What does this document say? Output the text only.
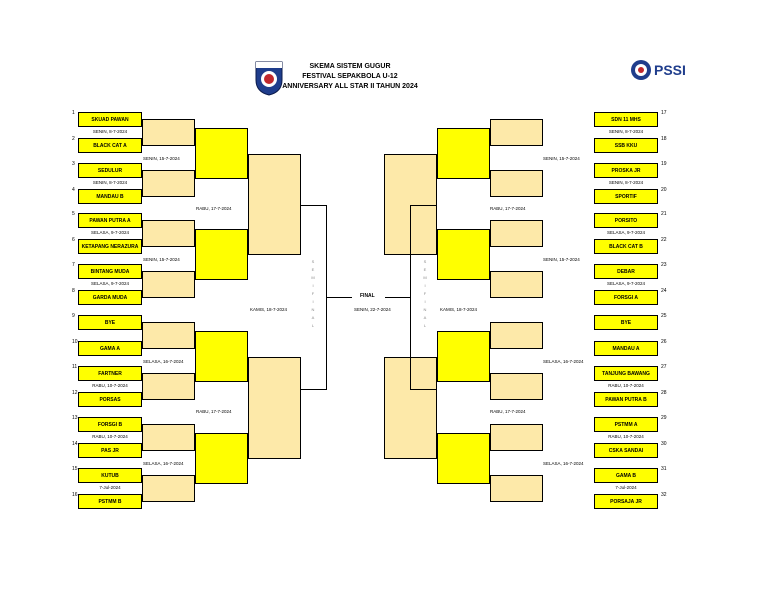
SKEMA SISTEM GUGUR
FESTIVAL SEPAKBOLA U-12
ANNIVERSARY ALL STAR II TAHUN 2024
PSSI
SKUAD PAWAN
1
BLACK CAT A
2
SEDULUR
3
MANDAU B
4
PAWAN PUTRA A
5
KETAPANG NERAZURA
6
BINTANG MUDA
7
GARDA MUDA
8
BYE
9
GAMA A
10
FARTNER
11
PORSAS
12
FORSGI B
13
PAS JR
14
KUTUB
15
PSTMM B
16
SENIN, 8-7-2024
SENIN, 8-7-2024
SELASA, 9-7-2024
SELASA, 9-7-2024
RABU, 10-7-2024
RABU, 10-7-2024
7-Jul-2024
SENIN, 15-7-2024
SENIN, 15-7-2024
SELASA, 16-7-2024
SELASA, 16-7-2024
RABU, 17-7-2024
RABU, 17-7-2024
KAMIS, 18-7-2024
S
E
M
I
F
I
N
A
L
SDN 11 MHS
17
SSB KKU
18
PROSKA JR
19
SPORTIF
20
PORSITO
21
BLACK CAT B
22
DEBAR
23
FORSGI A
24
BYE
25
MANDAU A
26
TANJUNG BAWANG
27
PAWAN PUTRA B
28
PSTMM A
29
CSKA SANDAI
30
GAMA B
31
PORSAJA JR
32
SENIN, 8-7-2024
SENIN, 8-7-2024
SELASA, 9-7-2024
SELASA, 9-7-2024
RABU, 10-7-2024
RABU, 10-7-2024
7-Jul-2024
SENIN, 15-7-2024
SENIN, 15-7-2024
SELASA, 16-7-2024
SELASA, 16-7-2024
RABU, 17-7-2024
RABU, 17-7-2024
KAMIS, 18-7-2024
S
E
M
I
F
I
N
A
L
FINAL
SENIN, 22-7-2024
